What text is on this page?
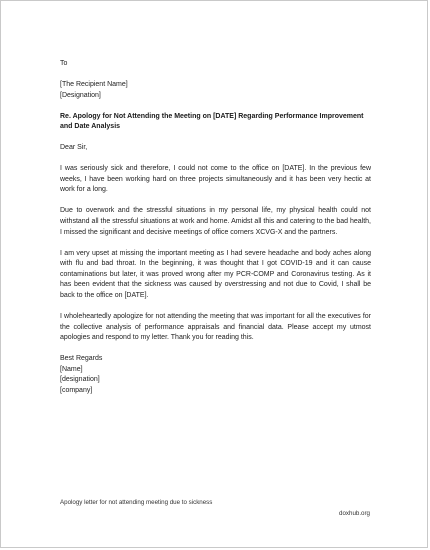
To

[The Recipient Name]

[Designation]

Re. Apology for Not Attending the Meeting on [DATE] Regarding Performance Improvement and Date Analysis

Dear Sir,

I was seriously sick and therefore, I could not come to the office on [DATE]. In the previous few weeks, I have been working hard on three projects simultaneously and it has been very hectic at work for a long.

Due to overwork and the stressful situations in my personal life, my physical health could not withstand all the stressful situations at work and home. Amidst all this and catering to the bad health, I missed the significant and decisive meetings of office corners XCVG-X and the partners.

I am very upset at missing the important meeting as I had severe headache and body aches along with flu and bad throat. In the beginning, it was thought that I got COVID-19 and it can cause contaminations but later, it was proved wrong after my PCR-COMP and Coronavirus testing. As it has been evident that the sickness was caused by overstressing and not due to Covid, I shall be back to the office on [DATE].

I wholeheartedly apologize for not attending the meeting that was important for all the executives for the collective analysis of performance appraisals and financial data. Please accept my utmost apologies and respond to my letter. Thank you for reading this.

Best Regards

[Name]

[designation]

[company]

Apology letter for not attending meeting due to sickness
doxhub.org
